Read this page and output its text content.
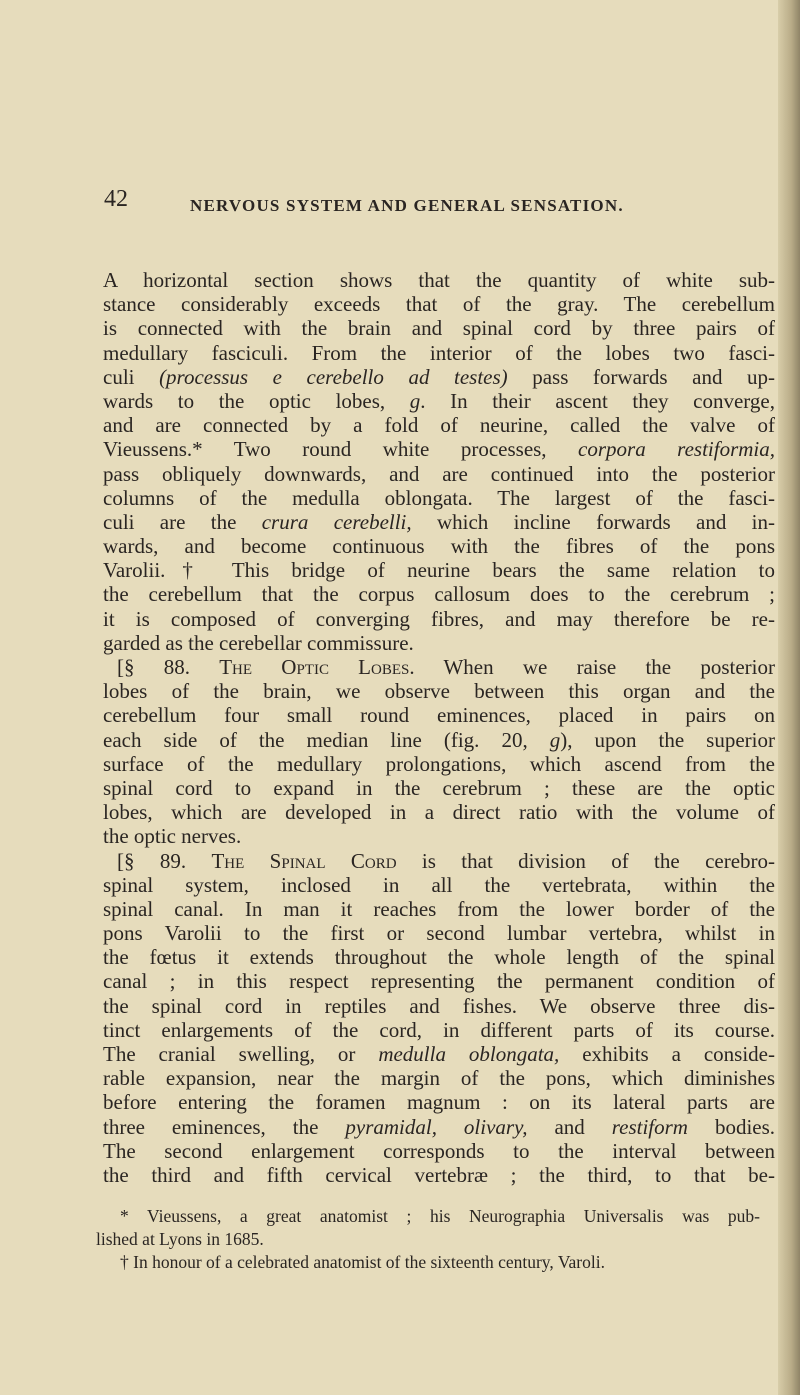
42	NERVOUS SYSTEM AND GENERAL SENSATION.
A horizontal section shows that the quantity of white sub-
stance considerably exceeds that of the gray. The cerebellum
is connected with the brain and spinal cord by three pairs of
medullary fasciculi. From the interior of the lobes two fasci-
culi (processus e cerebello ad testes) pass forwards and up-
wards to the optic lobes, g. In their ascent they converge,
and are connected by a fold of neurine, called the valve of
Vieussens.* Two round white processes, corpora restiformia,
pass obliquely downwards, and are continued into the posterior
columns of the medulla oblongata. The largest of the fasci-
culi are the crura cerebelli, which incline forwards and in-
wards, and become continuous with the fibres of the pons
Varolii.† This bridge of neurine bears the same relation to
the cerebellum that the corpus callosum does to the cerebrum ;
it is composed of converging fibres, and may therefore be re-
garded as the cerebellar commissure.
[§ 88. The Optic Lobes. When we raise the posterior
lobes of the brain, we observe between this organ and the
cerebellum four small round eminences, placed in pairs on
each side of the median line (fig. 20, g), upon the superior
surface of the medullary prolongations, which ascend from the
spinal cord to expand in the cerebrum ; these are the optic
lobes, which are developed in a direct ratio with the volume of
the optic nerves.
[§ 89. The Spinal Cord is that division of the cerebro-
spinal system, inclosed in all the vertebrata, within the
spinal canal. In man it reaches from the lower border of the
pons Varolii to the first or second lumbar vertebra, whilst in
the fœtus it extends throughout the whole length of the spinal
canal ; in this respect representing the permanent condition of
the spinal cord in reptiles and fishes. We observe three dis-
tinct enlargements of the cord, in different parts of its course.
The cranial swelling, or medulla oblongata, exhibits a conside-
rable expansion, near the margin of the pons, which diminishes
before entering the foramen magnum : on its lateral parts are
three eminences, the pyramidal, olivary, and restiform bodies.
The second enlargement corresponds to the interval between
the third and fifth cervical vertebræ ; the third, to that be-
* Vieussens, a great anatomist ; his Neurographia Universalis was pub-
lished at Lyons in 1685.
† In honour of a celebrated anatomist of the sixteenth century, Varoli.
